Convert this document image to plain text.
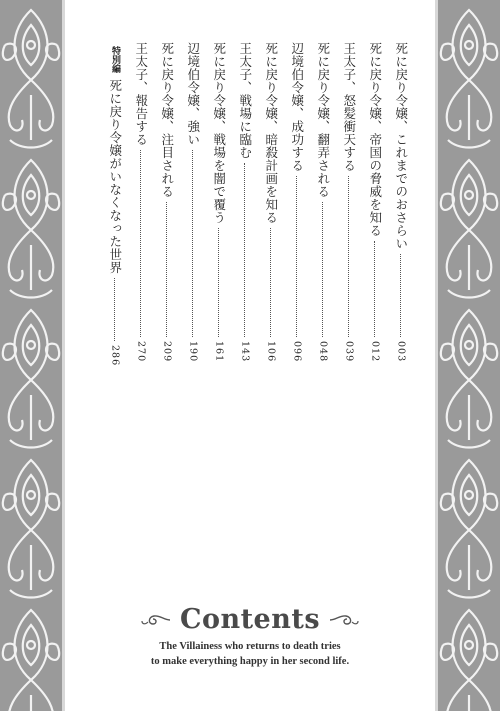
死に戻り令嬢、これまでのおさらい
003
死に戻り令嬢、帝国の脅威を知る
012
王太子、怒髪衝天する
039
死に戻り令嬢、翻弄される
048
辺境伯令嬢、成功する
096
死に戻り令嬢、暗殺計画を知る
106
王太子、戦場に臨む
143
死に戻り令嬢、戦場を闇で覆う
161
辺境伯令嬢、強い
190
死に戻り令嬢、注目される
209
王太子、報告する
270
特別編
死に戻り令嬢がいなくなった世界
286
Contents
The Villainess who returns to death tries
to make everything happy in her second life.
